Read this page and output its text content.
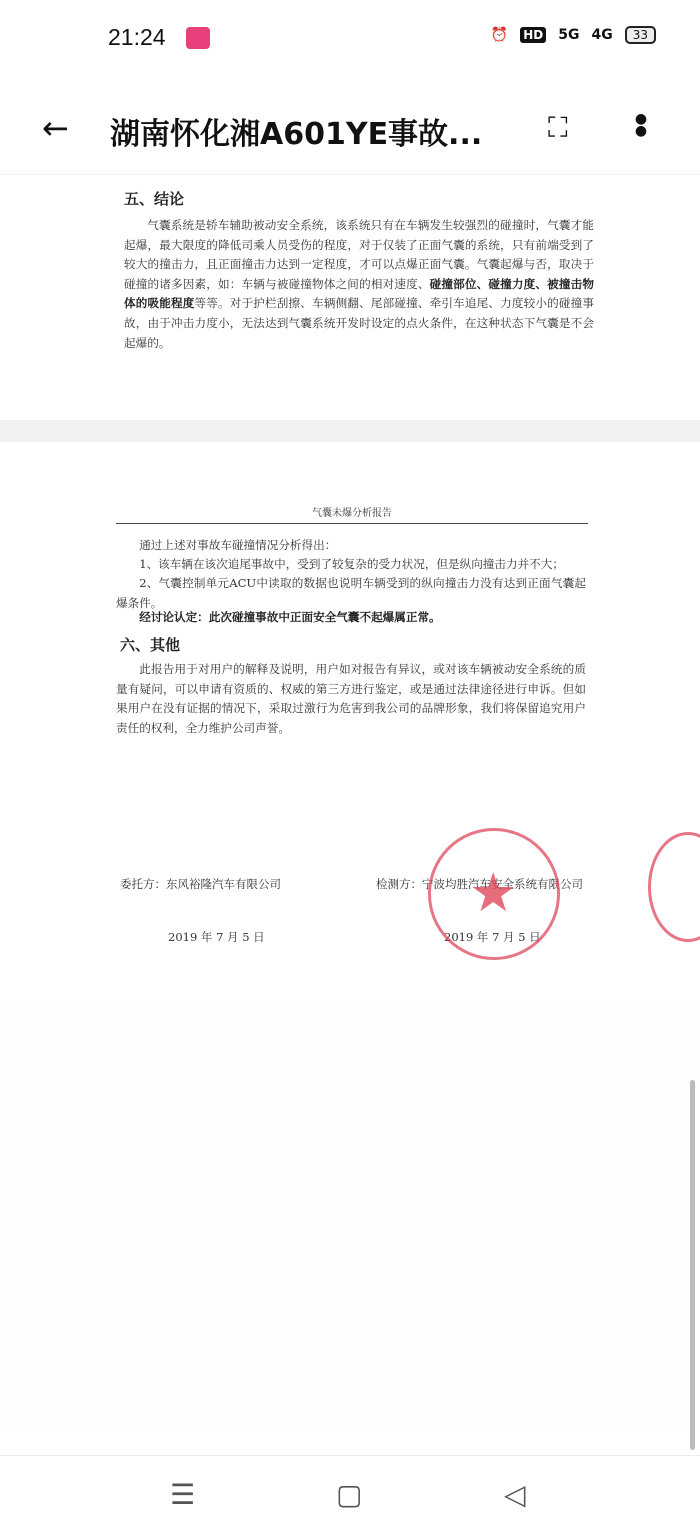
21:24	⏰ HD 5G 4G	33
← 湖南怀化湘A601YE事故... ⛶	●
●
五、结论

气囊系统是轿车辅助被动安全系统，该系统只有在车辆发生较强烈的碰撞时，气囊才能起爆，最大限度的降低司乘人员受伤的程度，对于仅装了正面气囊的系统，只有前端受到了较大的撞击力，且正面撞击力达到一定程度，才可以点爆正面气囊。气囊起爆与否，取决于碰撞的诸多因素，如：车辆与被碰撞物体之间的相对速度、碰撞部位、碰撞力度、被撞击物体的吸能程度等等。对于护栏刮擦、车辆侧翻、尾部碰撞、牵引车追尾、力度较小的碰撞事故，由于冲击力度小，无法达到气囊系统开发时设定的点火条件，在这种状态下气囊是不会起爆的。

气囊未爆分析报告

通过上述对事故车碰撞情况分析得出：

1、该车辆在该次追尾事故中，受到了较复杂的受力状况，但是纵向撞击力并不大；

2、气囊控制单元ACU中读取的数据也说明车辆受到的纵向撞击力没有达到正面气囊起爆条件。

经讨论认定：此次碰撞事故中正面安全气囊不起爆属正常。

六、其他

此报告用于对用户的解释及说明，用户如对报告有异议，或对该车辆被动安全系统的质量有疑问，可以申请有资质的、权威的第三方进行鉴定，或是通过法律途径进行申诉。但如果用户在没有证据的情况下，采取过激行为危害到我公司的品牌形象，我们将保留追究用户责任的权利，全力维护公司声誉。

委托方：东风裕隆汽车有限公司	检测方：宁波均胜汽车安全系统有限公司
2019 年 7 月 5 日	2019 年 7 月 5 日
★
☰	▢	◁
